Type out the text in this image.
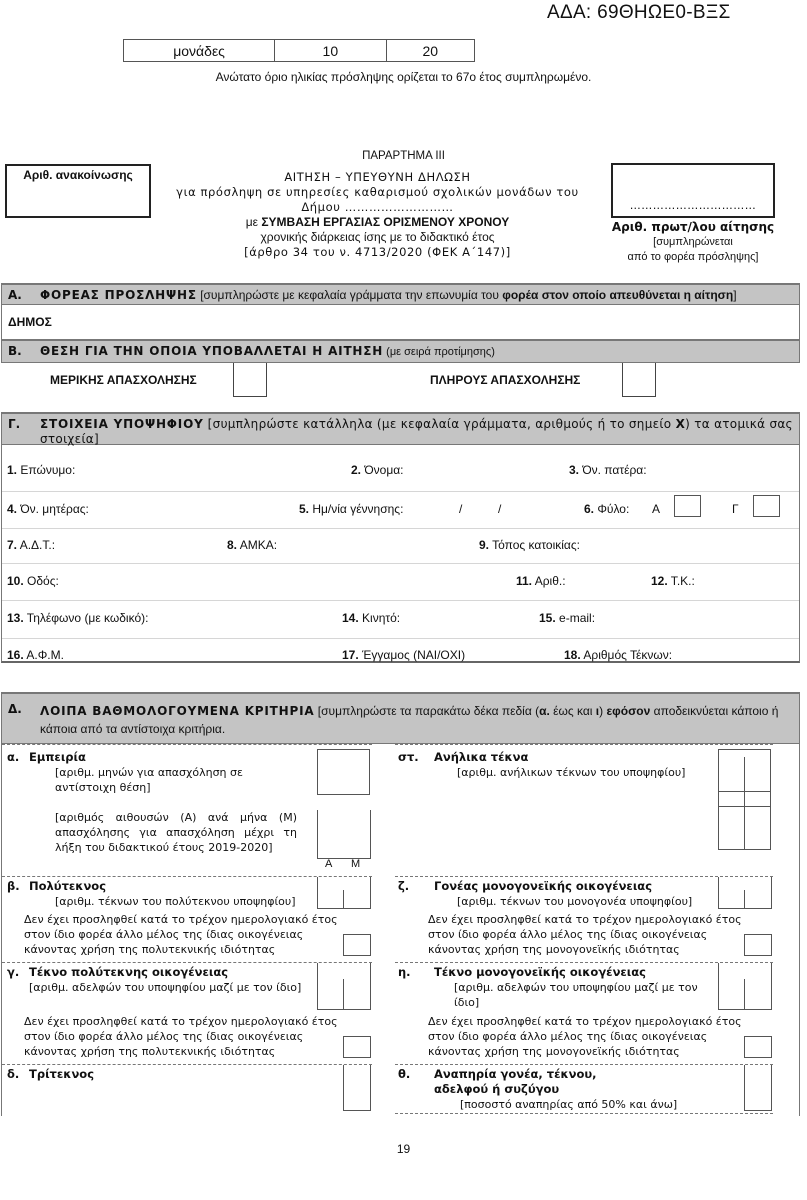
ΑΔΑ: 69ΘΗΩΕ0-ΒΞΣ
μονάδες	10	20
Ανώτατο όριο ηλικίας πρόσληψης ορίζεται το 67ο έτος συμπληρωμένο.
ΠΑΡΑΡΤΗΜΑ ΙΙΙ
Αριθ. ανακοίνωσης	ΑΙΤΗΣΗ – ΥΠΕΥΘΥΝΗ ΔΗΛΩΣΗ
για πρόσληψη σε υπηρεσίες καθαρισμού σχολικών μονάδων του
Δήμου ………………………
με ΣΥΜΒΑΣΗ ΕΡΓΑΣΙΑΣ ΟΡΙΣΜΕΝΟΥ ΧΡΟΝΟΥ
χρονικής διάρκειας ίσης με το διδακτικό έτος
[άρθρο 34 του ν. 4713/2020 (ΦΕΚ Α΄147)]
……………………………
Αριθ. πρωτ/λου αίτησης
[συμπληρώνεται
από το φορέα πρόσληψης]
Α.	ΦΟΡΕΑΣ ΠΡΟΣΛΗΨΗΣ [συμπληρώστε με κεφαλαία γράμματα την επωνυμία του φορέα στον οποίο απευθύνεται η αίτηση]
ΔΗΜΟΣ
Β.	ΘΕΣΗ ΓΙΑ ΤΗΝ ΟΠΟΙΑ ΥΠΟΒΑΛΛΕΤΑΙ Η ΑΙΤΗΣΗ (με σειρά προτίμησης)
ΜΕΡΙΚΗΣ ΑΠΑΣΧΟΛΗΣΗΣ	ΠΛΗΡΟΥΣ ΑΠΑΣΧΟΛΗΣΗΣ
Γ.	ΣΤΟΙΧΕΙΑ ΥΠΟΨΗΦΙΟΥ [συμπληρώστε κατάλληλα (με κεφαλαία γράμματα, αριθμούς ή το σημείο Χ) τα ατομικά σας στοιχεία]
1. Επώνυμο:	2. Όνομα:	3. Όν. πατέρα:
4. Όν. μητέρας:	5. Ημ/νία γέννησης:	/	/	6. Φύλο: Α	Γ
7. Α.Δ.Τ.:	8. ΑΜΚΑ:	9. Τόπος κατοικίας:
10. Οδός:	11. Αριθ.:	12. Τ.Κ.:
13. Τηλέφωνο (με κωδικό):	14. Κινητό:	15. e-mail:
16. Α.Φ.Μ.	17. Έγγαμος (ΝΑΙ/ΟΧΙ)	18. Αριθμός Τέκνων:
Δ.	ΛΟΙΠΑ ΒΑΘΜΟΛΟΓΟΥΜΕΝΑ ΚΡΙΤΗΡΙΑ [συμπληρώστε τα παρακάτω δέκα πεδία (α. έως και ι) εφόσον αποδεικνύεται κάποιο ή κάποια από τα αντίστοιχα κριτήρια.
α. Εμπειρία
[αριθμ. μηνών για απασχόληση σε αντίστοιχη θέση]
[αριθμός αιθουσών (Α) ανά μήνα (Μ) απασχόλησης για απασχόληση μέχρι τη λήξη του διδακτικού έτους 2019-2020]
Α Μ
β. Πολύτεκνος
[αριθμ. τέκνων του πολύτεκνου υποψηφίου]
Δεν έχει προσληφθεί κατά το τρέχον ημερολογιακό έτος στον ίδιο φορέα άλλο μέλος της ίδιας οικογένειας κάνοντας χρήση της πολυτεκνικής ιδιότητας
γ. Τέκνο πολύτεκνης οικογένειας
[αριθμ. αδελφών του υποψηφίου μαζί με τον ίδιο]
Δεν έχει προσληφθεί κατά το τρέχον ημερολογιακό έτος στον ίδιο φορέα άλλο μέλος της ίδιας οικογένειας κάνοντας χρήση της πολυτεκνικής ιδιότητας
δ. Τρίτεκνος
στ. Ανήλικα τέκνα
[αριθμ. ανήλικων τέκνων του υποψηφίου]
ζ. Γονέας μονογονεϊκής οικογένειας
[αριθμ. τέκνων του μονογονέα υποψηφίου]
Δεν έχει προσληφθεί κατά το τρέχον ημερολογιακό έτος στον ίδιο φορέα άλλο μέλος της ίδιας οικογένειας κάνοντας χρήση της μονογονεϊκής ιδιότητας
η. Τέκνο μονογονεϊκής οικογένειας
[αριθμ. αδελφών του υποψηφίου μαζί με τον ίδιο]
Δεν έχει προσληφθεί κατά το τρέχον ημερολογιακό έτος στον ίδιο φορέα άλλο μέλος της ίδιας οικογένειας κάνοντας χρήση της μονογονεϊκής ιδιότητας
θ. Αναπηρία γονέα, τέκνου, αδελφού ή συζύγου
[ποσοστό αναπηρίας από 50% και άνω]
19
